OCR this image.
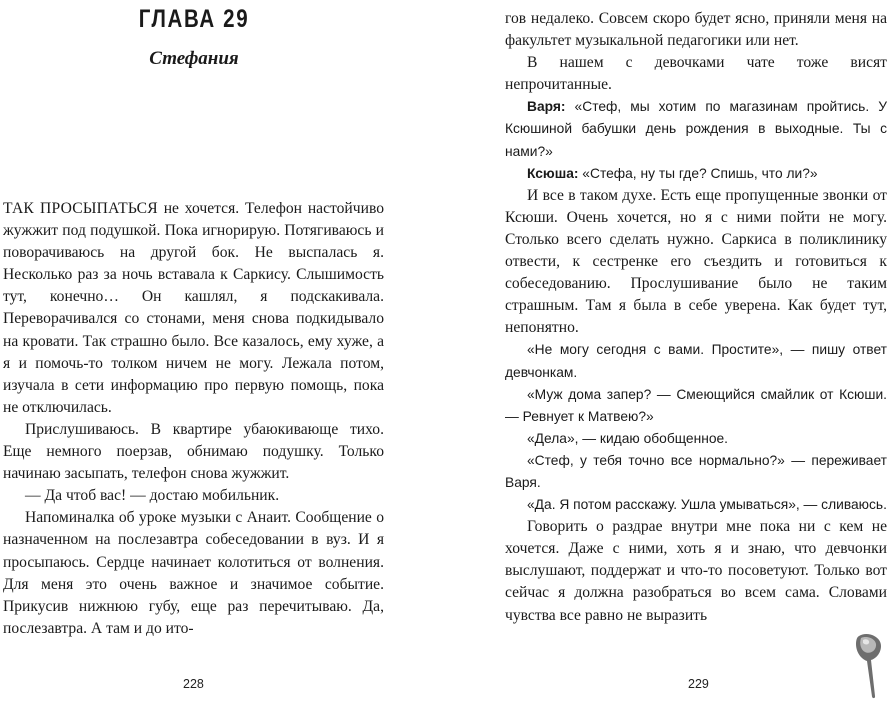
ГЛАВА 29
Стефания

ТАК ПРОСЫПАТЬСЯ не хочется. Телефон настойчиво жужжит под подушкой. Пока игнорирую. Потягиваюсь и поворачиваюсь на другой бок. Не выспалась я. Несколько раз за ночь вставала к Саркису. Слышимость тут, конечно… Он кашлял, я подскакивала. Переворачивался со стонами, меня снова подкидывало на кровати. Так страшно было. Все казалось, ему хуже, а я и помочь-то толком ничем не могу. Лежала потом, изучала в сети информацию про первую помощь, пока не отключилась.

Прислушиваюсь. В квартире убаюкивающе тихо. Еще немного поерзав, обнимаю подушку. Только начинаю засыпать, телефон снова жужжит.

— Да чтоб вас! — достаю мобильник.

Напоминалка об уроке музыки с Анаит. Сообщение о назначенном на послезавтра собеседовании в вуз. И я просыпаюсь. Сердце начинает колотиться от волнения. Для меня это очень важное и значимое событие. Прикусив нижнюю губу, еще раз перечитываю. Да, послезавтра. А там и до ито-

228

гов недалеко. Совсем скоро будет ясно, приняли меня на факультет музыкальной педагогики или нет.

В нашем с девочками чате тоже висят непрочитанные.

Варя: «Стеф, мы хотим по магазинам пройтись. У Ксюшиной бабушки день рождения в выходные. Ты с нами?»

Ксюша: «Стефа, ну ты где? Спишь, что ли?»

И все в таком духе. Есть еще пропущенные звонки от Ксюши. Очень хочется, но я с ними пойти не могу. Столько всего сделать нужно. Саркиса в поликлинику отвести, к сестренке его съездить и готовиться к собеседованию. Прослушивание было не таким страшным. Там я была в себе уверена. Как будет тут, непонятно.

«Не могу сегодня с вами. Простите», — пишу ответ девчонкам.

«Муж дома запер? — Смеющийся смайлик от Ксюши. — Ревнует к Матвею?»

«Дела», — кидаю обобщенное.

«Стеф, у тебя точно все нормально?» — переживает Варя.

«Да. Я потом расскажу. Ушла умываться», — сливаюсь.

Говорить о раздрае внутри мне пока ни с кем не хочется. Даже с ними, хоть я и знаю, что девчонки выслушают, поддержат и что-то посоветуют. Только вот сейчас я должна разобраться во всем сама. Словами чувства все равно не выразить

229
